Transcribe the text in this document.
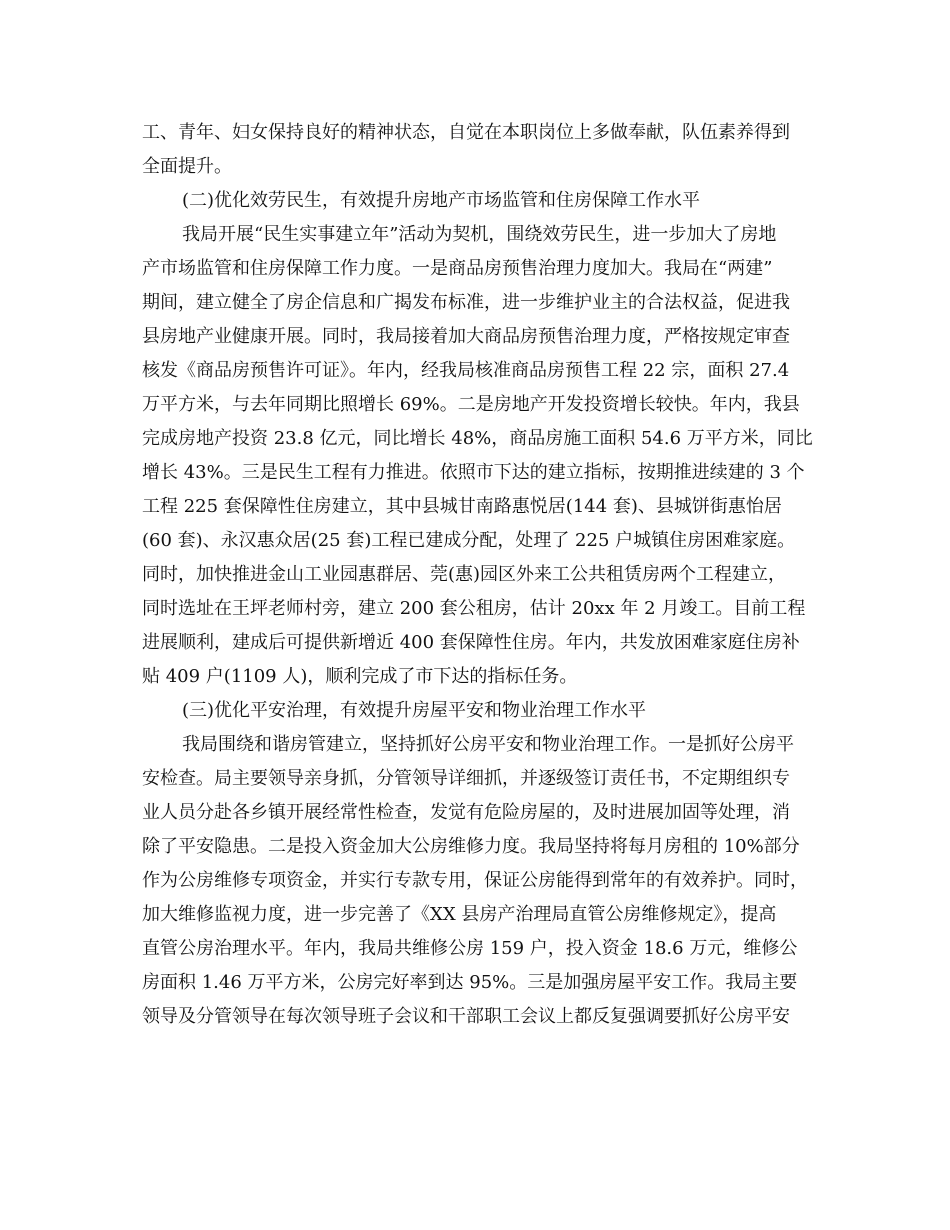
工、青年、妇女保持良好的精神状态，自觉在本职岗位上多做奉献，队伍素养得到
全面提升。
(二)优化效劳民生，有效提升房地产市场监管和住房保障工作水平
我局开展“民生实事建立年”活动为契机，围绕效劳民生，进一步加大了房地
产市场监管和住房保障工作力度。一是商品房预售治理力度加大。我局在“两建”
期间，建立健全了房企信息和广揭发布标准，进一步维护业主的合法权益，促进我
县房地产业健康开展。同时，我局接着加大商品房预售治理力度，严格按规定审查
核发《商品房预售许可证》。年内，经我局核准商品房预售工程 22 宗，面积 27.4
万平方米，与去年同期比照增长 69%。二是房地产开发投资增长较快。年内，我县
完成房地产投资 23.8 亿元，同比增长 48%，商品房施工面积 54.6 万平方米，同比
增长 43%。三是民生工程有力推进。依照市下达的建立指标，按期推进续建的 3 个
工程 225 套保障性住房建立，其中县城甘南路惠悦居(144 套)、县城饼街惠怡居
(60 套)、永汉惠众居(25 套)工程已建成分配，处理了 225 户城镇住房困难家庭。
同时，加快推进金山工业园惠群居、莞(惠)园区外来工公共租赁房两个工程建立，
同时选址在王坪老师村旁，建立 200 套公租房，估计 20xx 年 2 月竣工。目前工程
进展顺利，建成后可提供新增近 400 套保障性住房。年内，共发放困难家庭住房补
贴 409 户(1109 人)，顺利完成了市下达的指标任务。
(三)优化平安治理，有效提升房屋平安和物业治理工作水平
我局围绕和谐房管建立，坚持抓好公房平安和物业治理工作。一是抓好公房平
安检查。局主要领导亲身抓，分管领导详细抓，并逐级签订责任书，不定期组织专
业人员分赴各乡镇开展经常性检查，发觉有危险房屋的，及时进展加固等处理，消
除了平安隐患。二是投入资金加大公房维修力度。我局坚持将每月房租的 10%部分
作为公房维修专项资金，并实行专款专用，保证公房能得到常年的有效养护。同时，
加大维修监视力度，进一步完善了《XX 县房产治理局直管公房维修规定》，提高
直管公房治理水平。年内，我局共维修公房 159 户，投入资金 18.6 万元，维修公
房面积 1.46 万平方米，公房完好率到达 95%。三是加强房屋平安工作。我局主要
领导及分管领导在每次领导班子会议和干部职工会议上都反复强调要抓好公房平安
